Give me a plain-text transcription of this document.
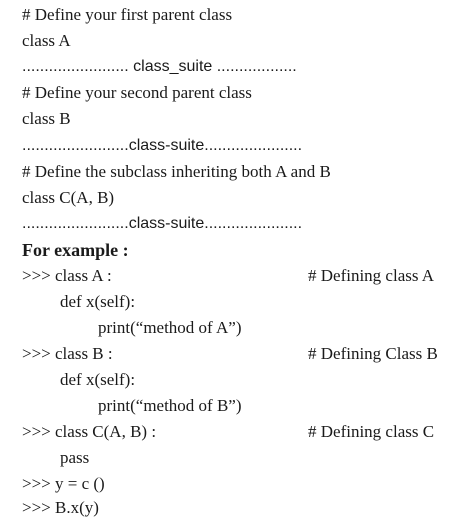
# Define your first parent class
class A
........................ class_suite ..................
# Define your second parent class
class B
........................class-suite......................
# Define the subclass inheriting both A and B
class C(A, B)
........................class-suite......................
For example :
>>> class A :	# Defining class A
def x(self):
print(“method of A”)
>>> class B :	# Defining Class B
def x(self):
print(“method of B”)
>>> class C(A, B) :	# Defining class C
pass
>>> y = c ()
>>> B.x(y)
